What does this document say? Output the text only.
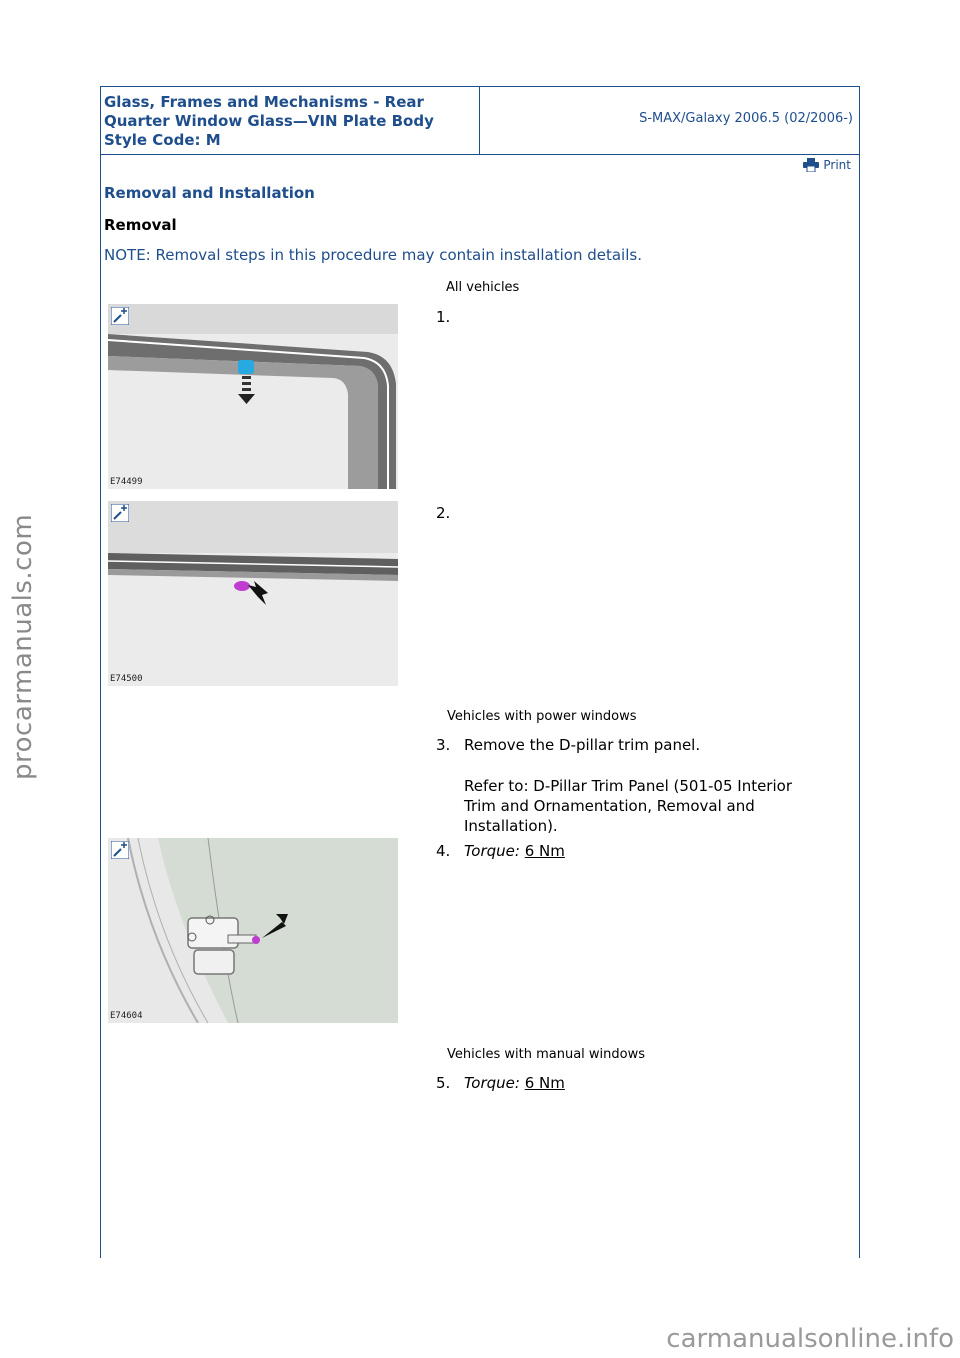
Glass, Frames and Mechanisms - Rear
Quarter Window Glass—VIN Plate Body
Style Code: M
S-MAX/Galaxy 2006.5 (02/2006-)
Print
Removal and Installation
Removal
NOTE: Removal steps in this procedure may contain installation details.
All vehicles
E74499
1.
E74500
2.
Vehicles with power windows
3. Remove the D-pillar trim panel.
Refer to: D-Pillar Trim Panel (501-05 Interior
Trim and Ornamentation, Removal and
Installation).
E74604
4. Torque: 6 Nm
Vehicles with manual windows
5. Torque: 6 Nm
procarmanuals.com
carmanualsonline.info
